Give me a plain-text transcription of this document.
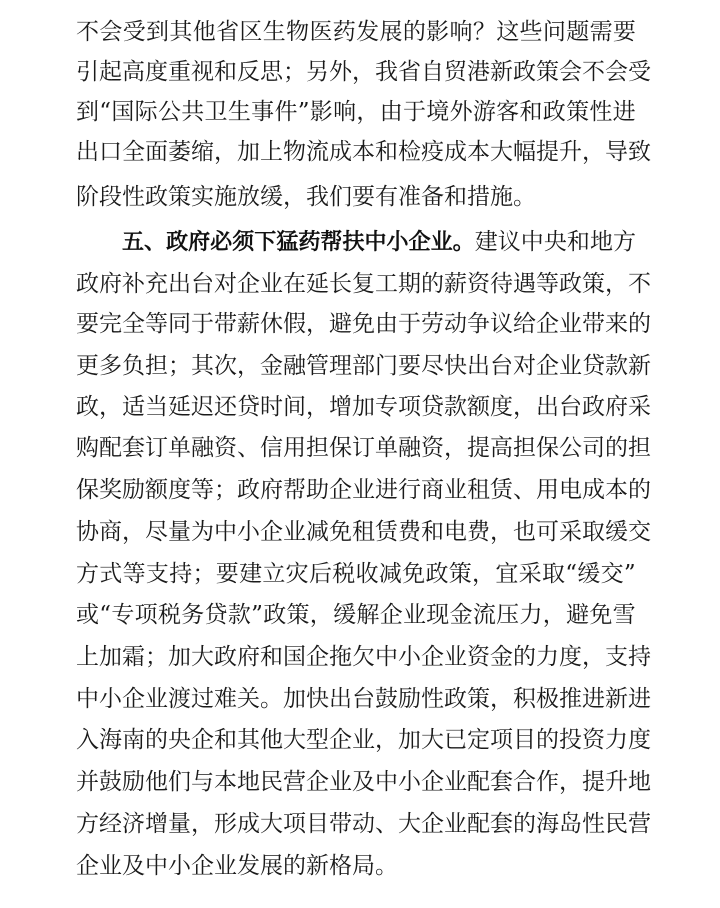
不 会 受 到 其 他 省 区 生 物 医 药 发 展 的 影 响 ？ 这 些 问 题 需 要
引 起 高 度 重 视 和 反 思 ； 另 外 ， 我 省 自 贸 港 新 政 策 会 不 会 受
到 “ 国 际 公 共 卫 生 事 件 ” 影 响 ， 由 于 境 外 游 客 和 政 策 性 进
出 口 全 面 萎 缩 ， 加 上 物 流 成 本 和 检 疫 成 本 大 幅 提 升 ， 导 致
阶段性政策实施放缓，我们要有准备和措施。
五、政府必须下猛药帮扶中小企业。建议中央和地方
政 府 补 充 出 台 对 企 业 在 延 长 复 工 期 的 薪 资 待 遇 等 政 策 ， 不
要 完 全 等 同 于 带 薪 休 假 ， 避 免 由 于 劳 动 争 议 给 企 业 带 来 的
更 多 负 担 ； 其 次 ， 金 融 管 理 部 门 要 尽 快 出 台 对 企 业 贷 款 新
政 ， 适 当 延 迟 还 贷 时 间 ， 增 加 专 项 贷 款 额 度 ， 出 台 政 府 采
购 配 套 订 单 融 资 、 信 用 担 保 订 单 融 资 ， 提 高 担 保 公 司 的 担
保 奖 励 额 度 等 ； 政 府 帮 助 企 业 进 行 商 业 租 赁 、 用 电 成 本 的
协 商 ， 尽 量 为 中 小 企 业 减 免 租 赁 费 和 电 费 ， 也 可 采 取 缓 交
方 式 等 支 持 ； 要 建 立 灾 后 税 收 减 免 政 策 ， 宜 采 取 “ 缓 交 ”
或 “ 专 项 税 务 贷 款 ” 政 策 ， 缓 解 企 业 现 金 流 压 力 ， 避 免 雪
上 加 霜 ； 加 大 政 府 和 国 企 拖 欠 中 小 企 业 资 金 的 力 度 ， 支 持
中 小 企 业 渡 过 难 关 。 加 快 出 台 鼓 励 性 政 策 ， 积 极 推 进 新 进
入 海 南 的 央 企 和 其 他 大 型 企 业 ， 加 大 已 定 项 目 的 投 资 力 度
并 鼓 励 他 们 与 本 地 民 营 企 业 及 中 小 企 业 配 套 合 作 ， 提 升 地
方 经 济 增 量 ， 形 成 大 项 目 带 动 、 大 企 业 配 套 的 海 岛 性 民 营
企业及中小企业发展的新格局。
